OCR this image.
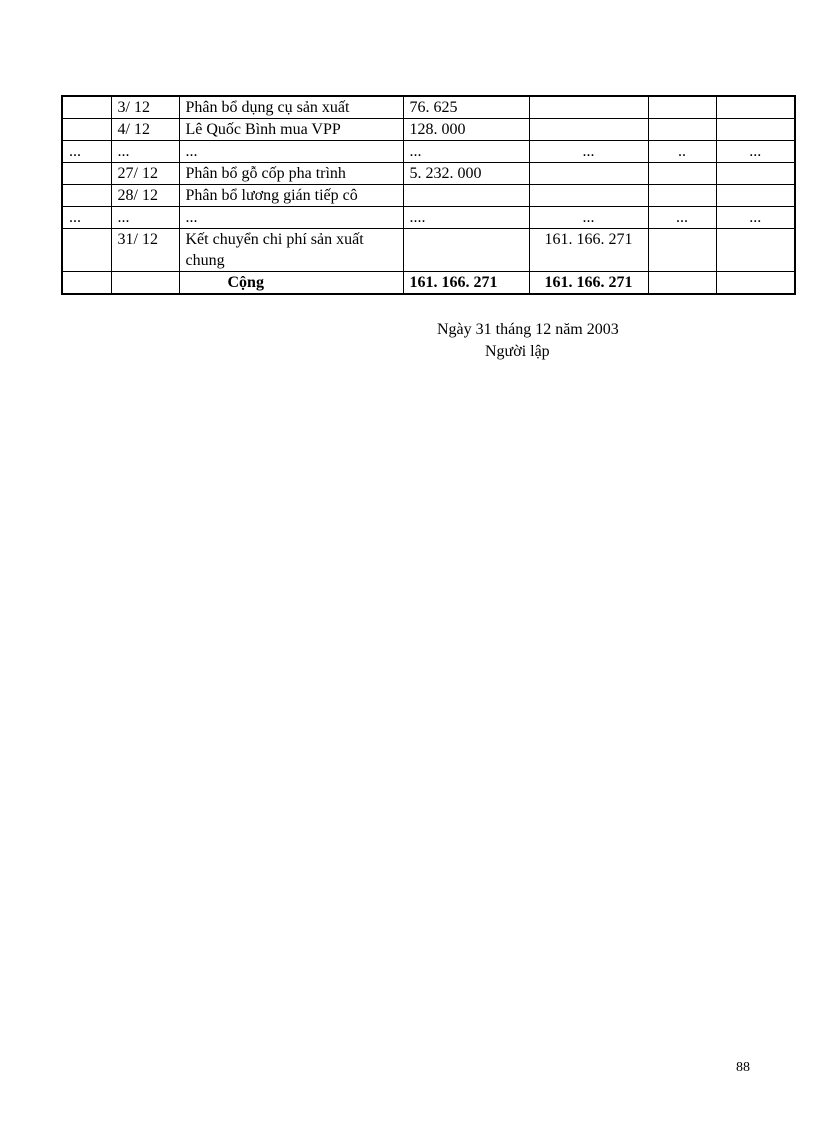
	3/ 12	Phân bổ dụng cụ sản xuất	76. 625			
	4/ 12	Lê Quốc Bình mua VPP	128. 000			
...	...	...	...	...	..	...
	27/ 12	Phân bổ gỗ cốp pha trình	5. 232. 000			
	28/ 12	Phân bổ lương gián tiếp cô				
...	...	...	....	...	...	...
	31/ 12	Kết chuyển chi phí sản xuất chung		161. 166. 271		
		Cộng	161. 166. 271	161. 166. 271		
Ngày 31 tháng 12 năm 2003
Người lập
88
